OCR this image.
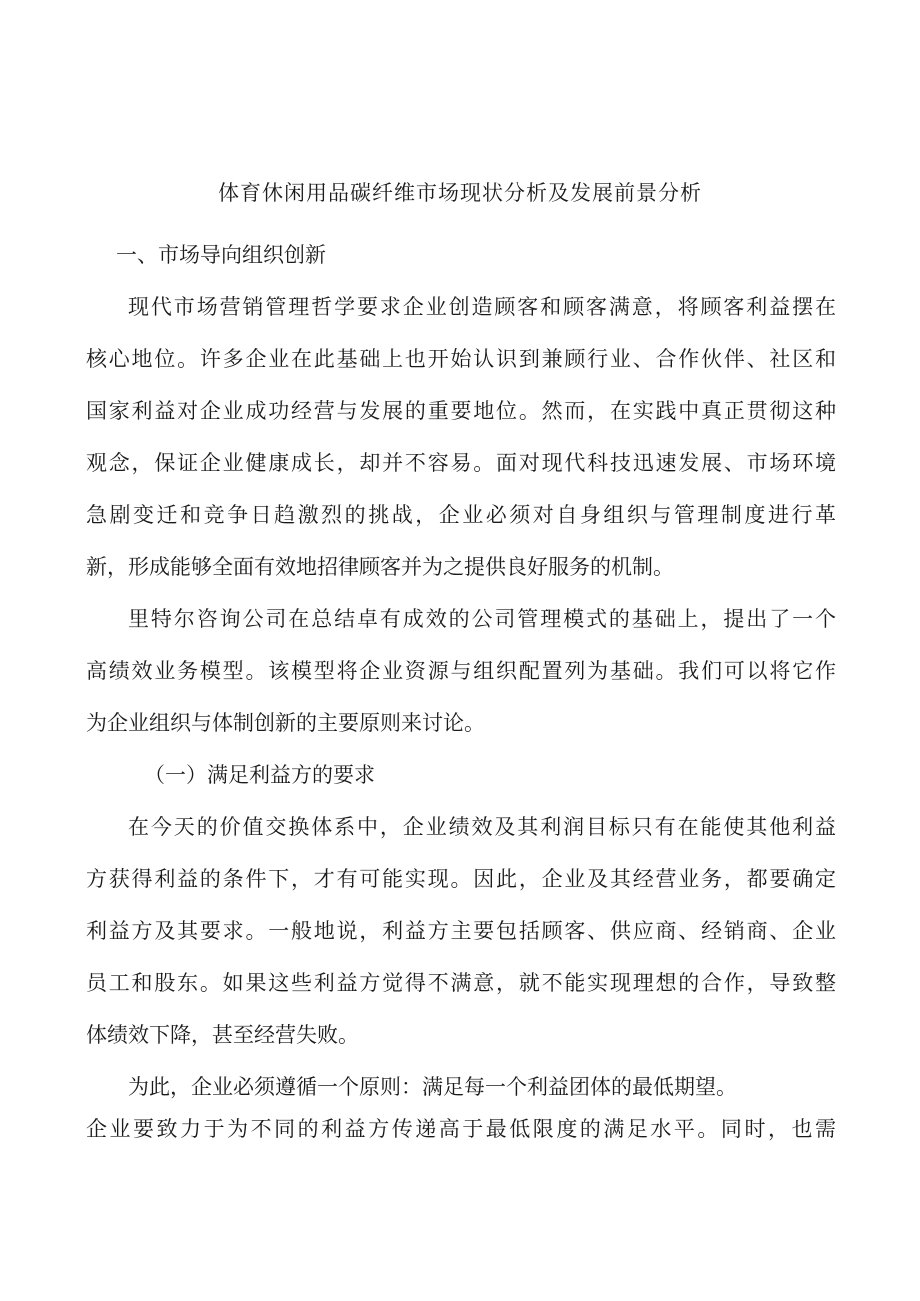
体育休闲用品碳纤维市场现状分析及发展前景分析
一、市场导向组织创新
现代市场营销管理哲学要求企业创造顾客和顾客满意，将顾客利益摆在
核心地位。许多企业在此基础上也开始认识到兼顾行业、合作伙伴、社区和
国家利益对企业成功经营与发展的重要地位。然而，在实践中真正贯彻这种
观念，保证企业健康成长，却并不容易。面对现代科技迅速发展、市场环境
急剧变迁和竞争日趋激烈的挑战，企业必须对自身组织与管理制度进行革
新，形成能够全面有效地招律顾客并为之提供良好服务的机制。
里特尔咨询公司在总结卓有成效的公司管理模式的基础上，提出了一个
高绩效业务模型。该模型将企业资源与组织配置列为基础。我们可以将它作
为企业组织与体制创新的主要原则来讨论。
（一）满足利益方的要求
在今天的价值交换体系中，企业绩效及其利润目标只有在能使其他利益
方获得利益的条件下，才有可能实现。因此，企业及其经营业务，都要确定
利益方及其要求。一般地说，利益方主要包括顾客、供应商、经销商、企业
员工和股东。如果这些利益方觉得不满意，就不能实现理想的合作，导致整
体绩效下降，甚至经营失败。
为此，企业必须遵循一个原则：满足每一个利益团体的最低期望。
企业要致力于为不同的利益方传递高于最低限度的满足水平。同时，也需
